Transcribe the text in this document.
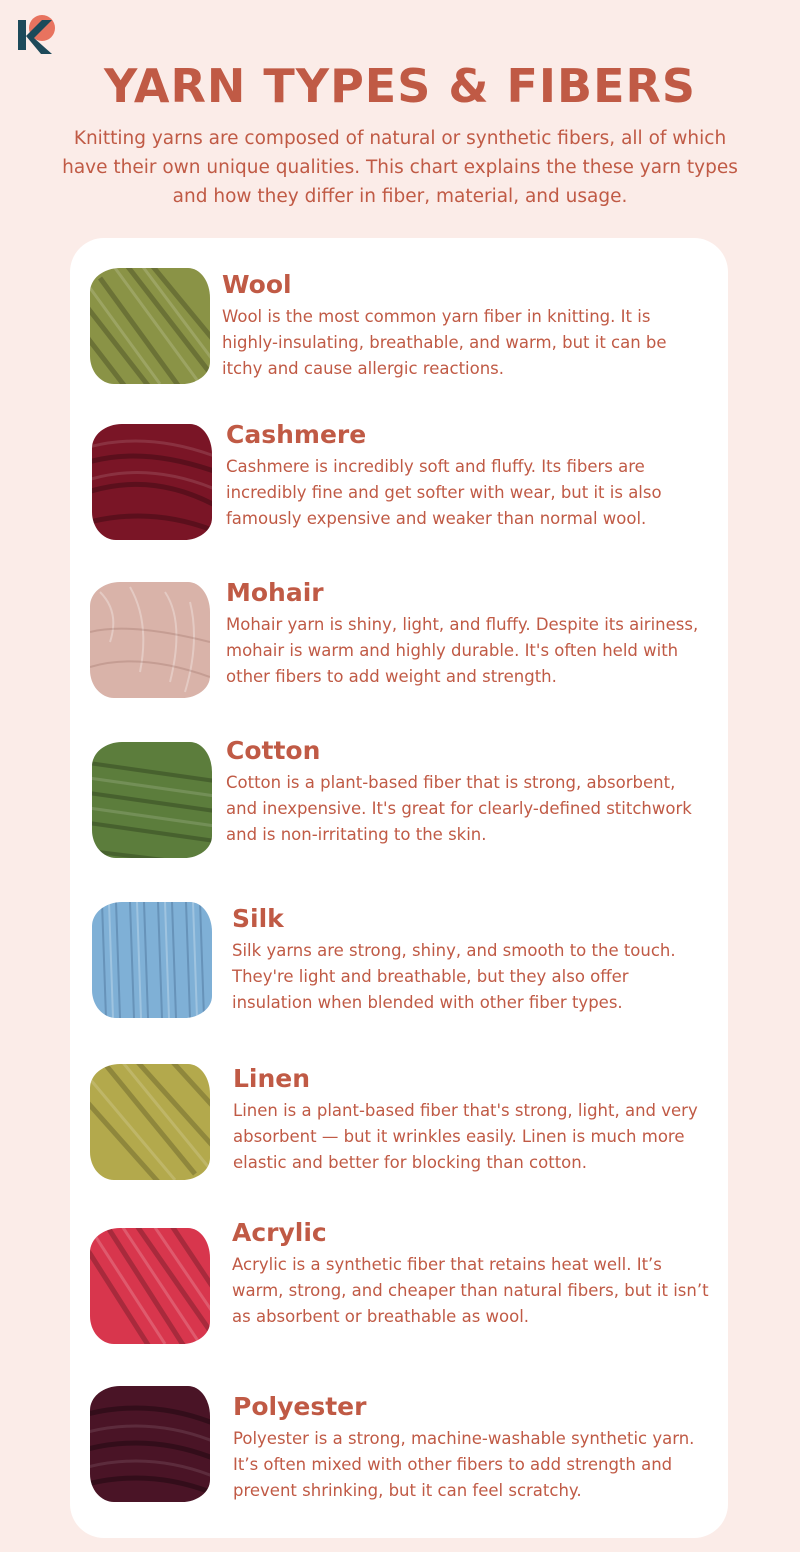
YARN TYPES & FIBERS

Knitting yarns are composed of natural or synthetic fibers, all of which have their own unique qualities. This chart explains the these yarn types and how they differ in fiber, material, and usage.

Wool
Wool is the most common yarn fiber in knitting. It is highly-insulating, breathable, and warm, but it can be itchy and cause allergic reactions.
Cashmere
Cashmere is incredibly soft and fluffy. Its fibers are incredibly fine and get softer with wear, but it is also famously expensive and weaker than normal wool.
Mohair
Mohair yarn is shiny, light, and fluffy. Despite its airiness, mohair is warm and highly durable. It's often held with other fibers to add weight and strength.
Cotton
Cotton is a plant-based fiber that is strong, absorbent, and inexpensive. It's great for clearly-defined stitchwork and is non-irritating to the skin.
Silk
Silk yarns are strong, shiny, and smooth to the touch. They're light and breathable, but they also offer insulation when blended with other fiber types.
Linen
Linen is a plant-based fiber that's strong, light, and very absorbent — but it wrinkles easily. Linen is much more elastic and better for blocking than cotton.
Acrylic
Acrylic is a synthetic fiber that retains heat well. It’s warm, strong, and cheaper than natural fibers, but it isn’t as absorbent or breathable as wool.
Polyester
Polyester is a strong, machine-washable synthetic yarn. It’s often mixed with other fibers to add strength and prevent shrinking, but it can feel scratchy.
